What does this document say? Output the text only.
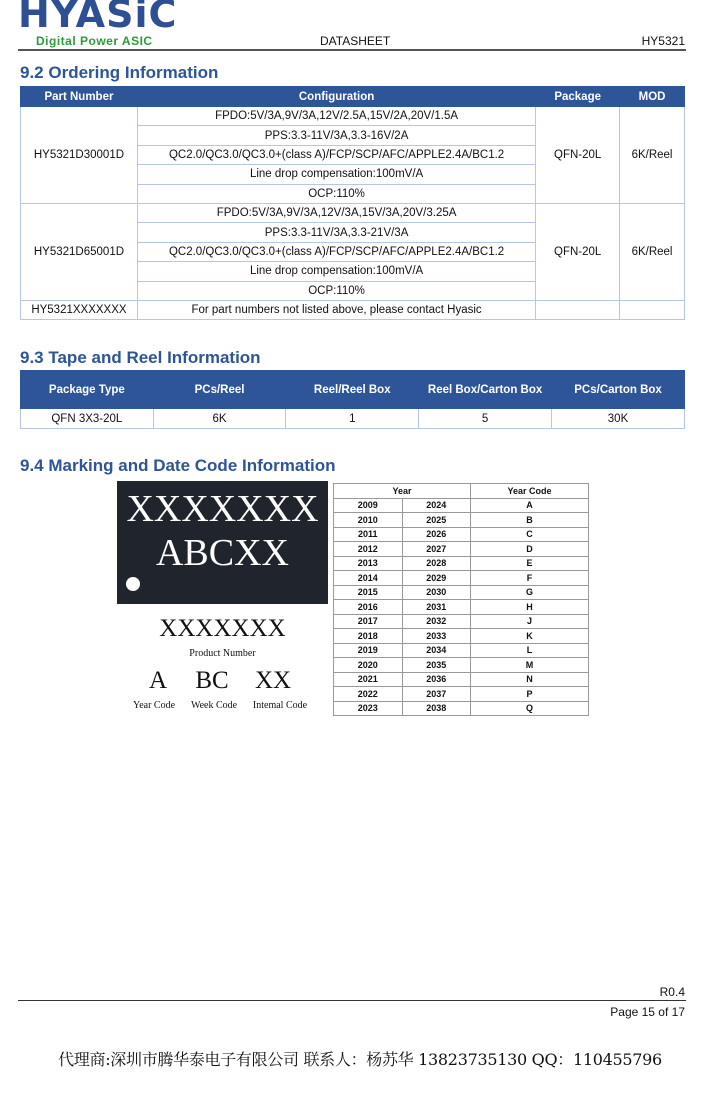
HYASiC
Digital Power ASIC	DATASHEET	HY5321
9.2 Ordering Information
Part Number	Configuration	Package	MOD
HY5321D30001D	FPDO:5V/3A,9V/3A,12V/2.5A,15V/2A,20V/1.5A	QFN-20L	6K/Reel
	PPS:3.3-11V/3A,3.3-16V/2A		
	QC2.0/QC3.0/QC3.0+(class A)/FCP/SCP/AFC/APPLE2.4A/BC1.2		
	Line drop compensation:100mV/A		
	OCP:110%		
HY5321D65001D	FPDO:5V/3A,9V/3A,12V/3A,15V/3A,20V/3.25A	QFN-20L	6K/Reel
	PPS:3.3-11V/3A,3.3-21V/3A		
	QC2.0/QC3.0/QC3.0+(class A)/FCP/SCP/AFC/APPLE2.4A/BC1.2		
	Line drop compensation:100mV/A		
	OCP:110%		
HY5321XXXXXXX	For part numbers not listed above, please contact Hyasic		
9.3 Tape and Reel Information
Package Type	PCs/Reel	Reel/Reel Box	Reel Box/Carton Box	PCs/Carton Box
QFN 3X3-20L	6K	1	5	30K
9.4 Marking and Date Code Information
XXXXXXX
ABCXX
XXXXXXX
Product Number
A	BC	XX
Year Code	Week Code	Intemal Code
Year		Year Code
2009	2024	A
2010	2025	B
2011	2026	C
2012	2027	D
2013	2028	E
2014	2029	F
2015	2030	G
2016	2031	H
2017	2032	J
2018	2033	K
2019	2034	L
2020	2035	M
2021	2036	N
2022	2037	P
2023	2038	Q
R0.4
Page 15 of 17
代理商:深圳市腾华泰电子有限公司 联系人：杨苏华 13823735130 QQ：110455796
